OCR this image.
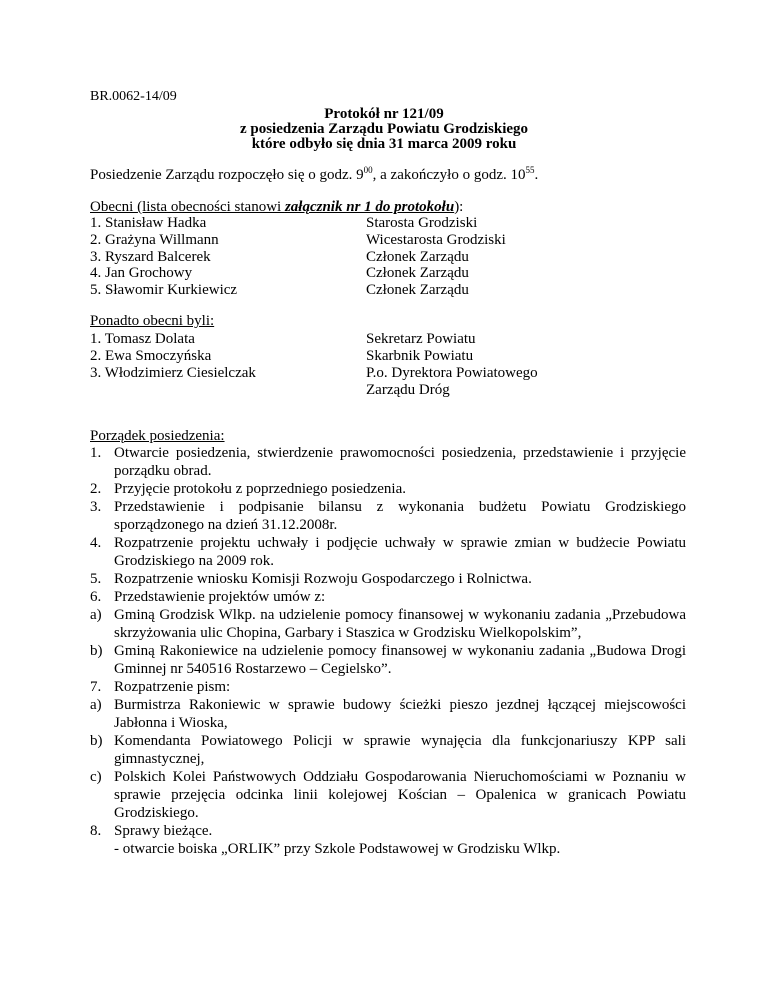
BR.0062-14/09
Protokół nr 121/09
z posiedzenia Zarządu Powiatu Grodziskiego
które odbyło się dnia 31 marca 2009 roku
Posiedzenie Zarządu rozpoczęło się o godz. $9^{00}$, a zakończyło o godz. $10^{55}$.
Obecni (lista obecności stanowi załącznik nr 1 do protokołu):
1. Stanisław Hadka	Starosta Grodziski
2. Grażyna Willmann	Wicestarosta Grodziski
3. Ryszard Balcerek	Członek Zarządu
4. Jan Grochowy	Członek Zarządu
5. Sławomir Kurkiewicz	Członek Zarządu
Ponadto obecni byli:
1. Tomasz Dolata	Sekretarz Powiatu
2. Ewa Smoczyńska	Skarbnik Powiatu
3. Włodzimierz Ciesielczak	P.o. Dyrektora Powiatowego
Zarządu Dróg
Porządek posiedzenia:
1. Otwarcie posiedzenia, stwierdzenie prawomocności posiedzenia, przedstawienie i przyjęcie porządku obrad.
2. Przyjęcie protokołu z poprzedniego posiedzenia.
3. Przedstawienie i podpisanie bilansu z wykonania budżetu Powiatu Grodziskiego sporządzonego na dzień 31.12.2008r.
4. Rozpatrzenie projektu uchwały i podjęcie uchwały w sprawie zmian w budżecie Powiatu Grodziskiego na 2009 rok.
5. Rozpatrzenie wniosku Komisji Rozwoju Gospodarczego i Rolnictwa.
6. Przedstawienie projektów umów z:
a) Gminą Grodzisk Wlkp. na udzielenie pomocy finansowej w wykonaniu zadania „Przebudowa skrzyżowania ulic Chopina, Garbary i Staszica w Grodzisku Wielkopolskim”,
b) Gminą Rakoniewice na udzielenie pomocy finansowej w wykonaniu zadania „Budowa Drogi Gminnej nr 540516 Rostarzewo – Cegielsko”.
7. Rozpatrzenie pism:
a) Burmistrza Rakoniewic w sprawie budowy ścieżki pieszo jezdnej łączącej miejscowości Jabłonna i Wioska,
b) Komendanta Powiatowego Policji w sprawie wynajęcia dla funkcjonariuszy KPP sali gimnastycznej,
c) Polskich Kolei Państwowych Oddziału Gospodarowania Nieruchomościami w Poznaniu w sprawie przejęcia odcinka linii kolejowej Kościan – Opalenica w granicach Powiatu Grodziskiego.
8. Sprawy bieżące.
- otwarcie boiska „ORLIK” przy Szkole Podstawowej w Grodzisku Wlkp.
